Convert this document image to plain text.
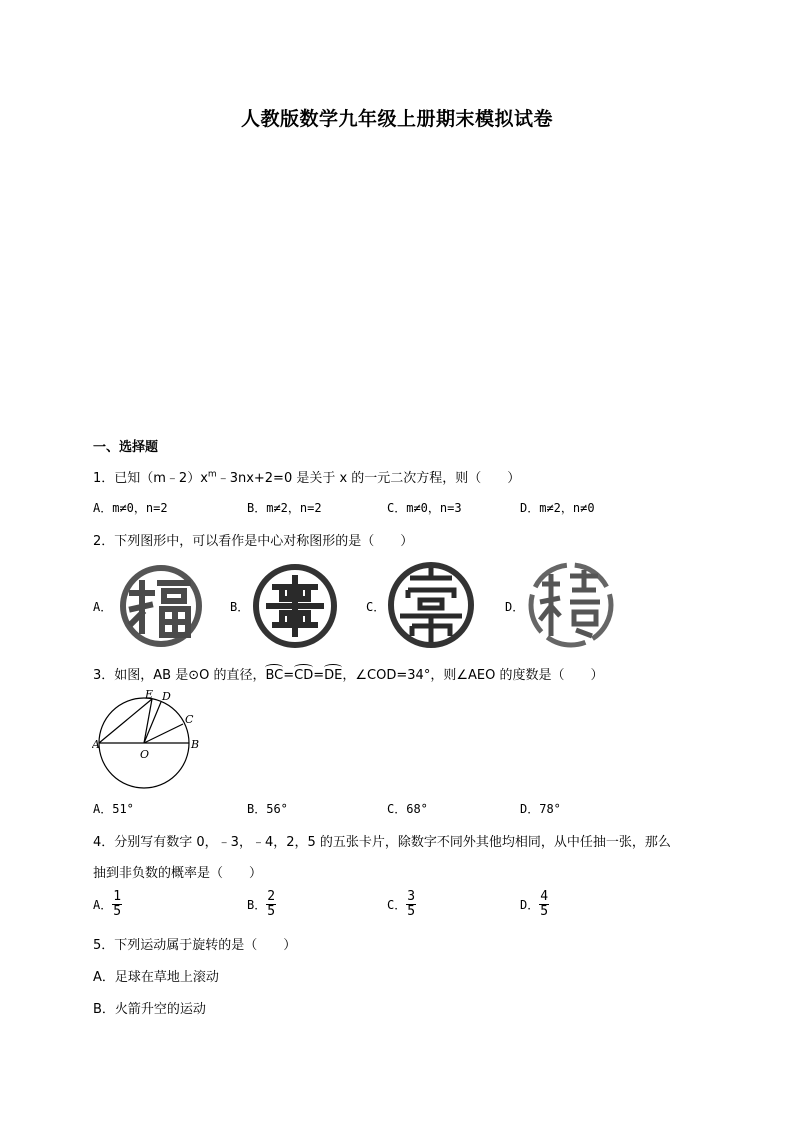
人教版数学九年级上册期末模拟试卷
一、选择题
1．已知$(m﹣2)x^m﹣3nx+2=0$ 是关于 x 的一元二次方程，则（　　）
A．m≠0，n=2	B．m≠2，n=2	C．m≠0，n=3	D．m≠2，n≠0
2．下列图形中，可以看作是中心对称图形的是（　　）
A．	B．	C．	D．
3．如图，AB 是⊙O 的直径，BC=CD=DE，∠COD=34°，则∠AEO 的度数是（　　）
A	B
C
D
E
O
A．51°	B．56°	C．68°	D．78°
4．分别写有数字 0，﹣3，﹣4，2，5 的五张卡片，除数字不同外其他均相同，从中任抽一张，那么
抽到非负数的概率是（　　）
A． $\frac{1}{5}$	B． $\frac{2}{5}$	C． $\frac{3}{5}$	D． $\frac{4}{5}$
5．下列运动属于旋转的是（　　）
A．足球在草地上滚动
B．火箭升空的运动
